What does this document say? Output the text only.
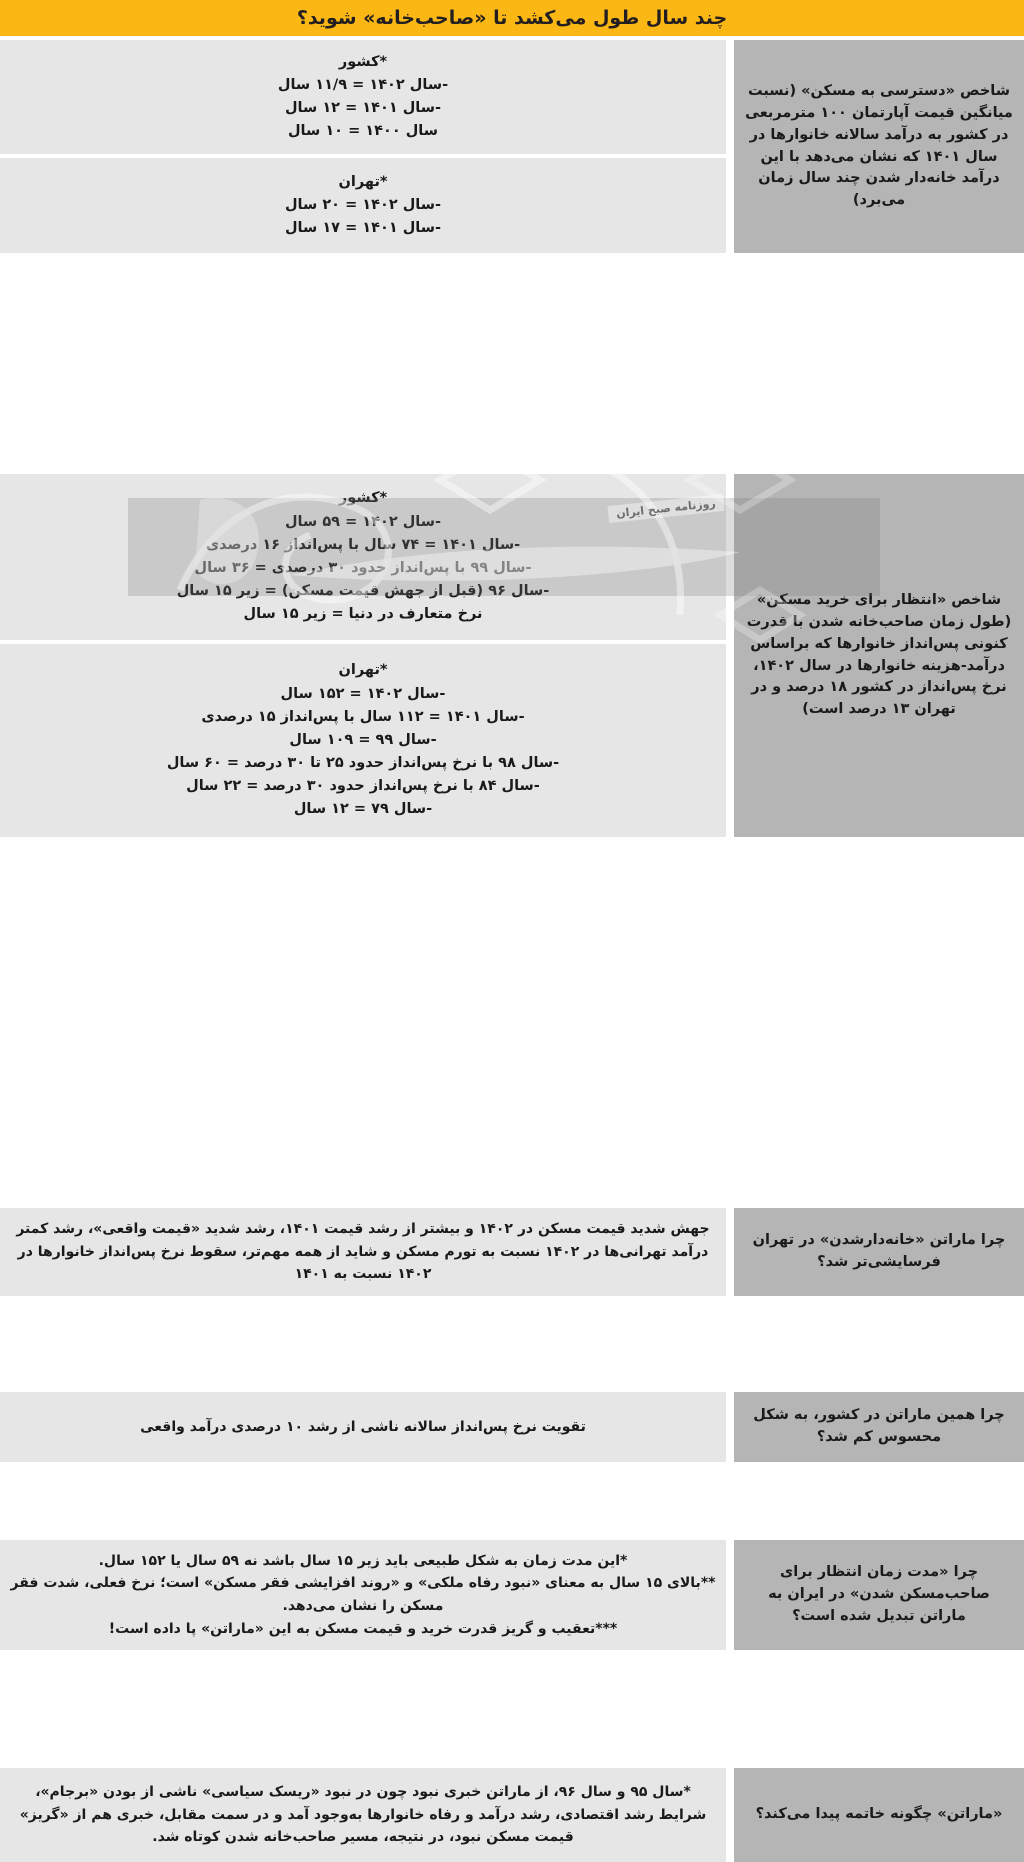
چند سال طول می‌کشد تا «صاحب‌خانه» شوید؟
روزنامه صبح ایران

شاخص «دسترسی به مسکن» (نسبت میانگین قیمت آپارتمان ۱۰۰ مترمربعی در کشور به درآمد سالانه خانوارها در سال ۱۴۰۱ که نشان می‌دهد با این درآمد خانه‌دار شدن چند سال زمان می‌برد)

*کشور

-سال ۱۴۰۲ = ۱۱/۹ سال

-سال ۱۴۰۱ = ۱۲ سال

سال ۱۴۰۰ = ۱۰ سال

*تهران

-سال ۱۴۰۲ = ۲۰ سال

-سال ۱۴۰۱ = ۱۷ سال

شاخص «انتظار برای خرید مسکن» (طول زمان صاحب‌خانه شدن با قدرت کنونی پس‌انداز خانوارها که براساس درآمد-هزینه خانوارها در سال ۱۴۰۲، نرخ پس‌انداز در کشور ۱۸ درصد و در تهران ۱۳ درصد است)

*کشور

-سال ۱۴۰۲ = ۵۹ سال

-سال ۱۴۰۱ = ۷۴ سال با پس‌انداز ۱۶ درصدی

-سال ۹۹ با پس‌انداز حدود ۳۰ درصدی = ۳۶ سال

-سال ۹۶ (قبل از جهش قیمت مسکن) = زیر ۱۵ سال

نرخ متعارف در دنیا = زیر ۱۵ سال

*تهران

-سال ۱۴۰۲ = ۱۵۲ سال

-سال ۱۴۰۱ = ۱۱۲ سال با پس‌انداز ۱۵ درصدی

-سال ۹۹ = ۱۰۹ سال

-سال ۹۸ با نرخ پس‌انداز حدود ۲۵ تا ۳۰ درصد = ۶۰ سال

-سال ۸۴ با نرخ پس‌انداز حدود ۳۰ درصد = ۲۲ سال

-سال ۷۹ = ۱۲ سال

چرا ماراتن «خانه‌دارشدن» در تهران فرسایشی‌تر شد؟

جهش شدید قیمت مسکن در ۱۴۰۲ و بیشتر از رشد قیمت ۱۴۰۱، رشد شدید «قیمت واقعی»، رشد کمتر درآمد تهرانی‌ها در ۱۴۰۲ نسبت به تورم مسکن و شاید از همه مهم‌تر، سقوط نرخ پس‌انداز خانوارها در ۱۴۰۲ نسبت به ۱۴۰۱

چرا همین ماراتن در کشور، به شکل محسوس کم شد؟

تقویت نرخ پس‌انداز سالانه ناشی از رشد ۱۰ درصدی درآمد واقعی

چرا «مدت زمان انتظار برای صاحب‌مسکن شدن» در ایران به ماراتن تبدیل شده است؟

*این مدت زمان به شکل طبیعی باید زیر ۱۵ سال باشد نه ۵۹ سال یا ۱۵۲ سال.

**بالای ۱۵ سال به معنای «نبود رفاه ملکی» و «روند افزایشی فقر مسکن» است؛ نرخ فعلی، شدت فقر مسکن را نشان می‌دهد.

***تعقیب و گریز قدرت خرید و قیمت مسکن به این «ماراتن» پا داده است!

«ماراتن» چگونه خاتمه پیدا می‌کند؟

*سال ۹۵ و سال ۹۶، از ماراتن خبری نبود چون در نبود «ریسک سیاسی» ناشی از بودن «برجام»، شرایط رشد اقتصادی، رشد درآمد و رفاه خانوارها به‌وجود آمد و در سمت مقابل، خبری هم از «گریز» قیمت مسکن نبود، در نتیجه، مسیر صاحب‌خانه شدن کوتاه شد.
